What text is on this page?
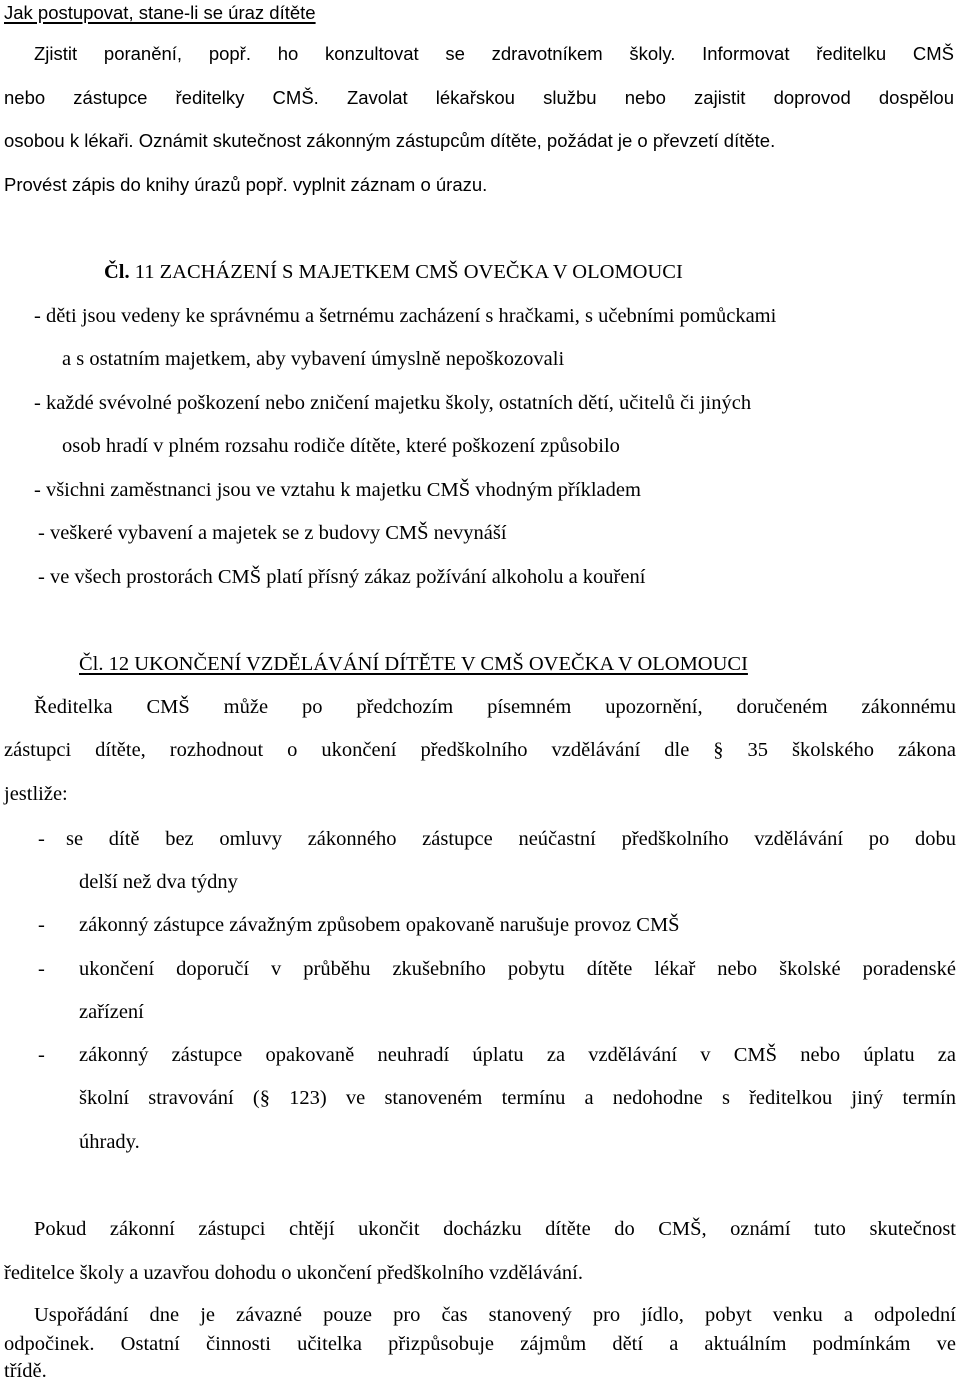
Jak postupovat, stane-li se úraz dítěte
Zjistit poranění, popř. ho konzultovat se zdravotníkem školy. Informovat ředitelku CMŠ
nebo zástupce ředitelky CMŠ. Zavolat lékařskou službu nebo zajistit doprovod dospělou
osobou k lékaři. Oznámit skutečnost zákonným zástupcům dítěte, požádat je o převzetí dítěte.
Provést zápis do knihy úrazů popř. vyplnit záznam o úrazu.
Čl. 11 ZACHÁZENÍ S MAJETKEM CMŠ OVEČKA V OLOMOUCI
- děti jsou vedeny ke správnému a šetrnému zacházení s hračkami, s učebními pomůckami
a s ostatním majetkem, aby vybavení úmyslně nepoškozovali
- každé svévolné poškození nebo zničení majetku školy, ostatních dětí, učitelů či jiných
osob hradí v plném rozsahu rodiče dítěte, které poškození způsobilo
- všichni zaměstnanci jsou ve vztahu k majetku CMŠ vhodným příkladem
- veškeré vybavení a majetek se z budovy CMŠ nevynáší
- ve všech prostorách CMŠ platí přísný zákaz požívání alkoholu a kouření
Čl. 12 UKONČENÍ VZDĚLÁVÁNÍ DÍTĚTE V CMŠ OVEČKA V OLOMOUCI
Ředitelka CMŠ může po předchozím písemném upozornění, doručeném zákonnému
zástupci dítěte, rozhodnout o ukončení předškolního vzdělávání dle § 35 školského zákona
jestliže:
- se dítě bez omluvy zákonného zástupce neúčastní předškolního vzdělávání po dobu
delší než dva týdny
- zákonný zástupce závažným způsobem opakovaně narušuje provoz CMŠ
- ukončení doporučí v průběhu zkušebního pobytu dítěte lékař nebo školské poradenské
zařízení
- zákonný zástupce opakovaně neuhradí úplatu za vzdělávání v CMŠ nebo úplatu za
školní stravování (§ 123) ve stanoveném termínu a nedohodne s ředitelkou jiný termín
úhrady.
Pokud zákonní zástupci chtějí ukončit docházku dítěte do CMŠ, oznámí tuto skutečnost
ředitelce školy a uzavřou dohodu o ukončení předškolního vzdělávání.
Uspořádání dne je závazné pouze pro čas stanovený pro jídlo, pobyt venku a odpolední
odpočinek. Ostatní činnosti učitelka přizpůsobuje zájmům dětí a aktuálním podmínkám ve
třídě.
